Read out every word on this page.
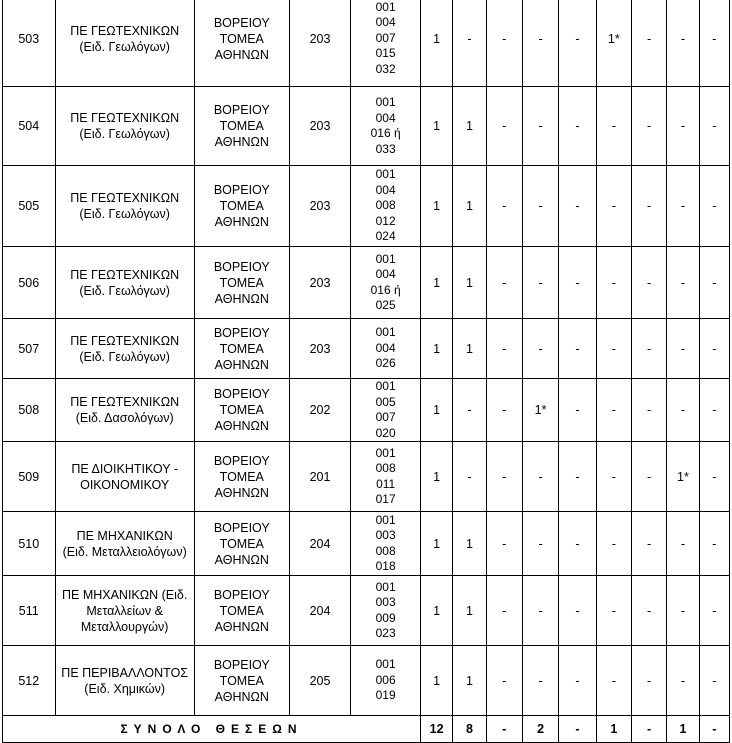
503	ΠΕ ΓΕΩΤΕΧΝΙΚΩΝ
(Ειδ. Γεωλόγων)	ΒΟΡΕΙΟΥ
ΤΟΜΕΑ
ΑΘΗΝΩΝ	203	001
004
007
015
032	1	-	-	-	-	1*	-	-	-
504	ΠΕ ΓΕΩΤΕΧΝΙΚΩΝ
(Ειδ. Γεωλόγων)	ΒΟΡΕΙΟΥ
ΤΟΜΕΑ
ΑΘΗΝΩΝ	203	001
004
016 ή
033	1	1	-	-	-	-	-	-	-
505	ΠΕ ΓΕΩΤΕΧΝΙΚΩΝ
(Ειδ. Γεωλόγων)	ΒΟΡΕΙΟΥ
ΤΟΜΕΑ
ΑΘΗΝΩΝ	203	001
004
008
012
024	1	1	-	-	-	-	-	-	-
506	ΠΕ ΓΕΩΤΕΧΝΙΚΩΝ
(Ειδ. Γεωλόγων)	ΒΟΡΕΙΟΥ
ΤΟΜΕΑ
ΑΘΗΝΩΝ	203	001
004
016 ή
025	1	1	-	-	-	-	-	-	-
507	ΠΕ ΓΕΩΤΕΧΝΙΚΩΝ
(Ειδ. Γεωλόγων)	ΒΟΡΕΙΟΥ
ΤΟΜΕΑ
ΑΘΗΝΩΝ	203	001
004
026	1	1	-	-	-	-	-	-	-
508	ΠΕ ΓΕΩΤΕΧΝΙΚΩΝ
(Ειδ. Δασολόγων)	ΒΟΡΕΙΟΥ
ΤΟΜΕΑ
ΑΘΗΝΩΝ	202	001
005
007
020	1	-	-	1*	-	-	-	-	-
509	ΠΕ ΔΙΟΙΚΗΤΙΚΟΥ -
ΟΙΚΟΝΟΜΙΚΟΥ	ΒΟΡΕΙΟΥ
ΤΟΜΕΑ
ΑΘΗΝΩΝ	201	001
008
011
017	1	-	-	-	-	-	-	1*	-
510	ΠΕ ΜΗΧΑΝΙΚΩΝ
(Ειδ. Μεταλλειολόγων)	ΒΟΡΕΙΟΥ
ΤΟΜΕΑ
ΑΘΗΝΩΝ	204	001
003
008
018	1	1	-	-	-	-	-	-	-
511	ΠΕ ΜΗΧΑΝΙΚΩΝ (Ειδ.
Μεταλλείων &
Μεταλλουργών)	ΒΟΡΕΙΟΥ
ΤΟΜΕΑ
ΑΘΗΝΩΝ	204	001
003
009
023	1	1	-	-	-	-	-	-	-
512	ΠΕ ΠΕΡΙΒΑΛΛΟΝΤΟΣ
(Ειδ. Χημικών)	ΒΟΡΕΙΟΥ
ΤΟΜΕΑ
ΑΘΗΝΩΝ	205	001
006
019	1	1	-	-	-	-	-	-	-
ΣΥΝΟΛΟ ΘΕΣΕΩΝ					12	8	-	2	-	1	-	1	-
